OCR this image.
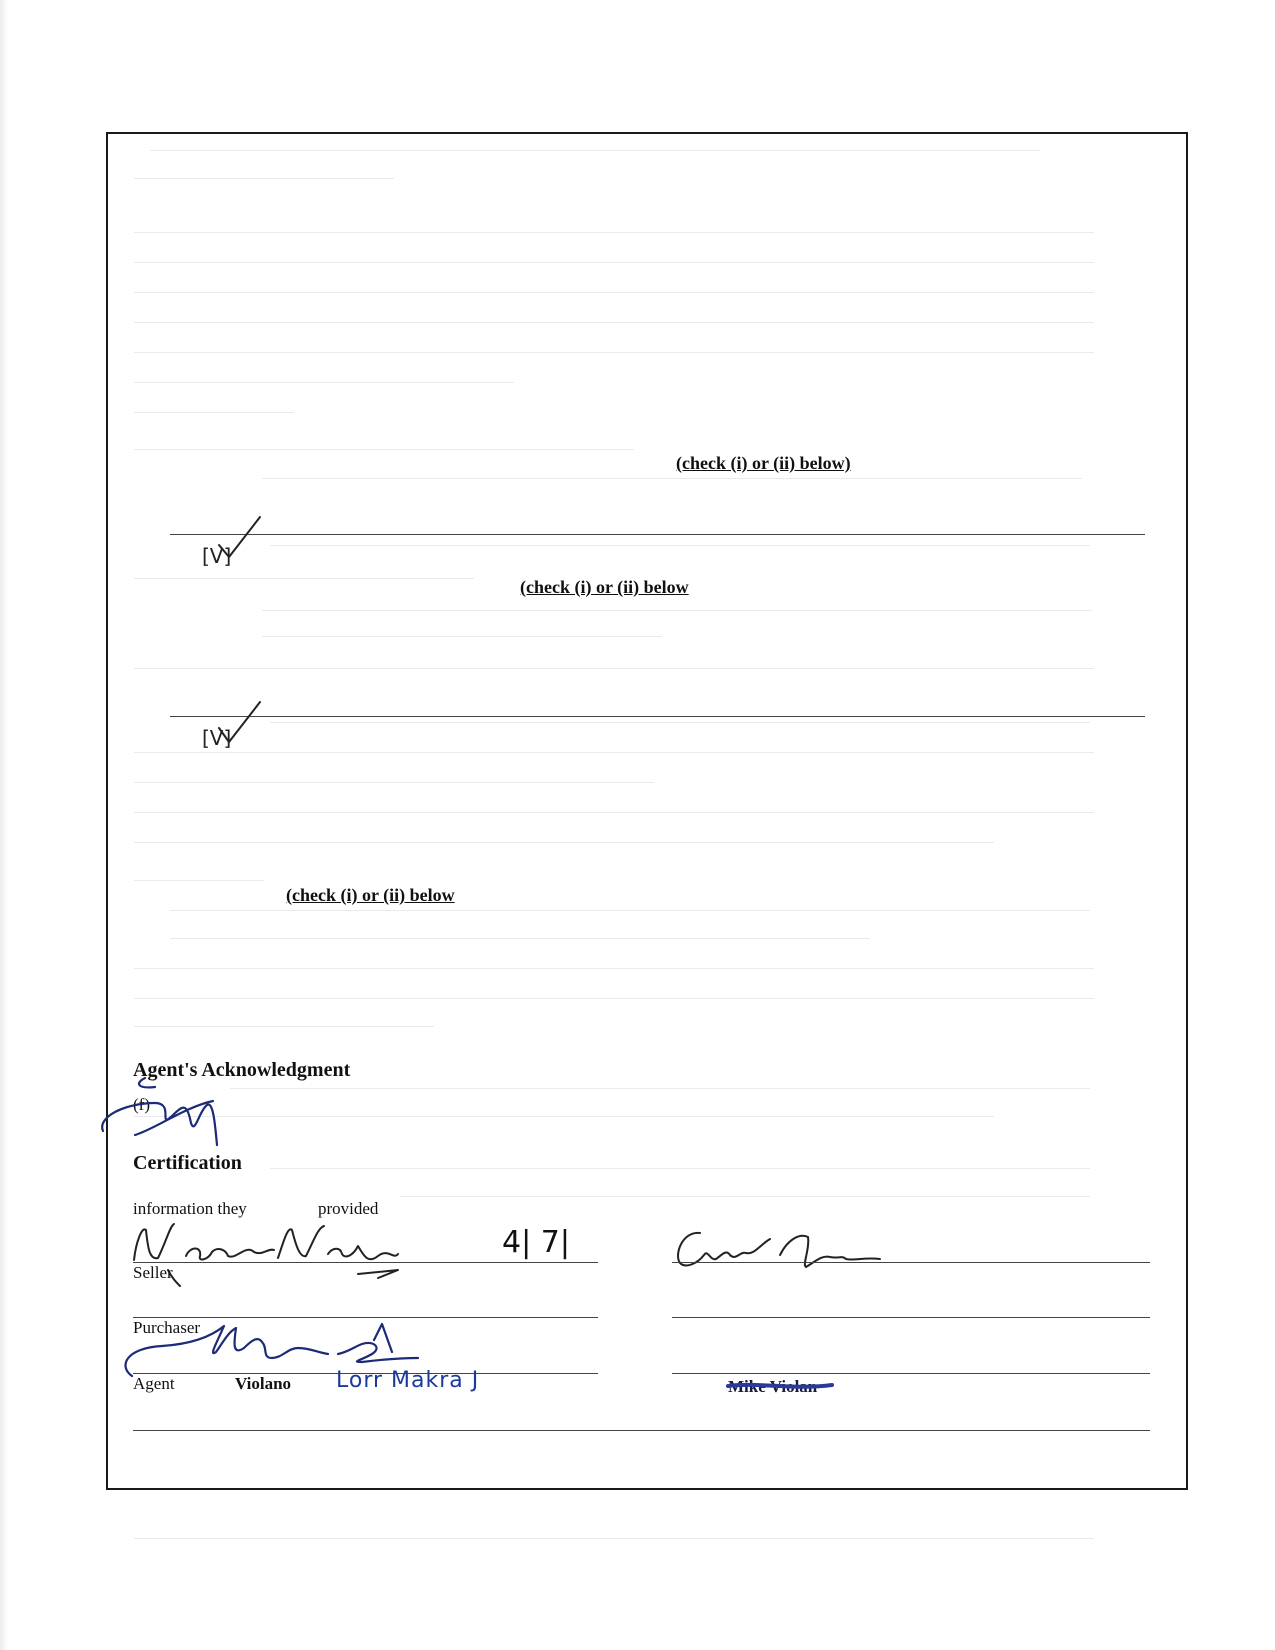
(check (i) or (ii) below)
(check (i) or (ii) below
(check (i) or (ii) below
[V]
[V]
Agent's Acknowledgment
(f)
Certification
information they	provided
4| 7|
Seller
Purchaser
Agent	Violano Lorr Makra J	Mike Violan
